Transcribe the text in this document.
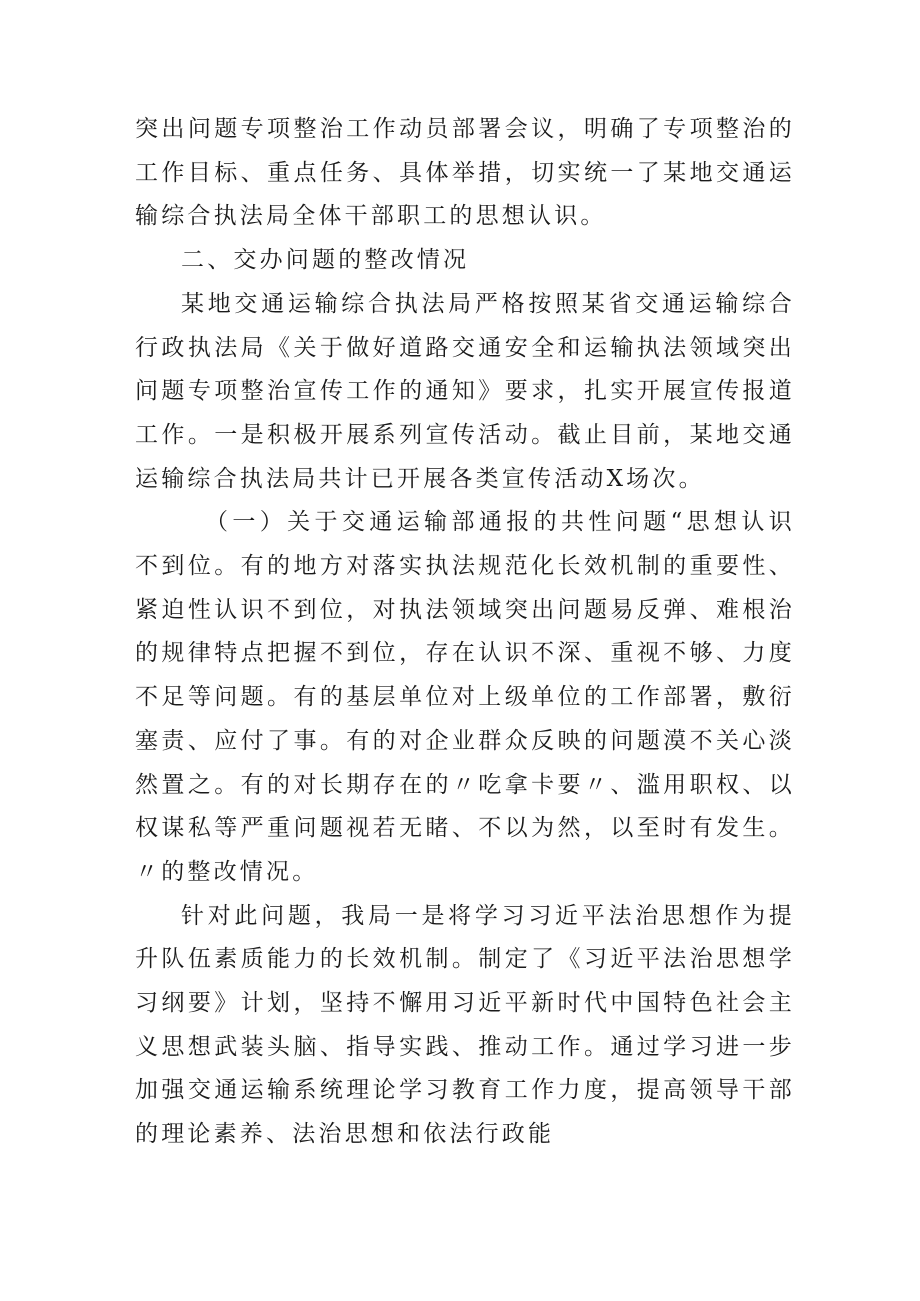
突出问题专项整治工作动员部署会议，明确了专项整治的工作目标、重点任务、具体举措，切实统一了某地交通运输综合执法局全体干部职工的思想认识。

二、交办问题的整改情况

某地交通运输综合执法局严格按照某省交通运输综合行政执法局《关于做好道路交通安全和运输执法领域突出问题专项整治宣传工作的通知》要求，扎实开展宣传报道工作。一是积极开展系列宣传活动。截止目前，某地交通运输综合执法局共计已开展各类宣传活动X场次。

（一）关于交通运输部通报的共性问题“思想认识不到位。有的地方对落实执法规范化长效机制的重要性、紧迫性认识不到位，对执法领域突出问题易反弹、难根治的规律特点把握不到位，存在认识不深、重视不够、力度不足等问题。有的基层单位对上级单位的工作部署，敷衍塞责、应付了事。有的对企业群众反映的问题漠不关心淡然置之。有的对长期存在的〃吃拿卡要〃、滥用职权、以权谋私等严重问题视若无睹、不以为然，以至时有发生。〃的整改情况。

针对此问题，我局一是将学习习近平法治思想作为提升队伍素质能力的长效机制。制定了《习近平法治思想学习纲要》计划，坚持不懈用习近平新时代中国特色社会主义思想武装头脑、指导实践、推动工作。通过学习进一步加强交通运输系统理论学习教育工作力度，提高领导干部的理论素养、法治思想和依法行政能
